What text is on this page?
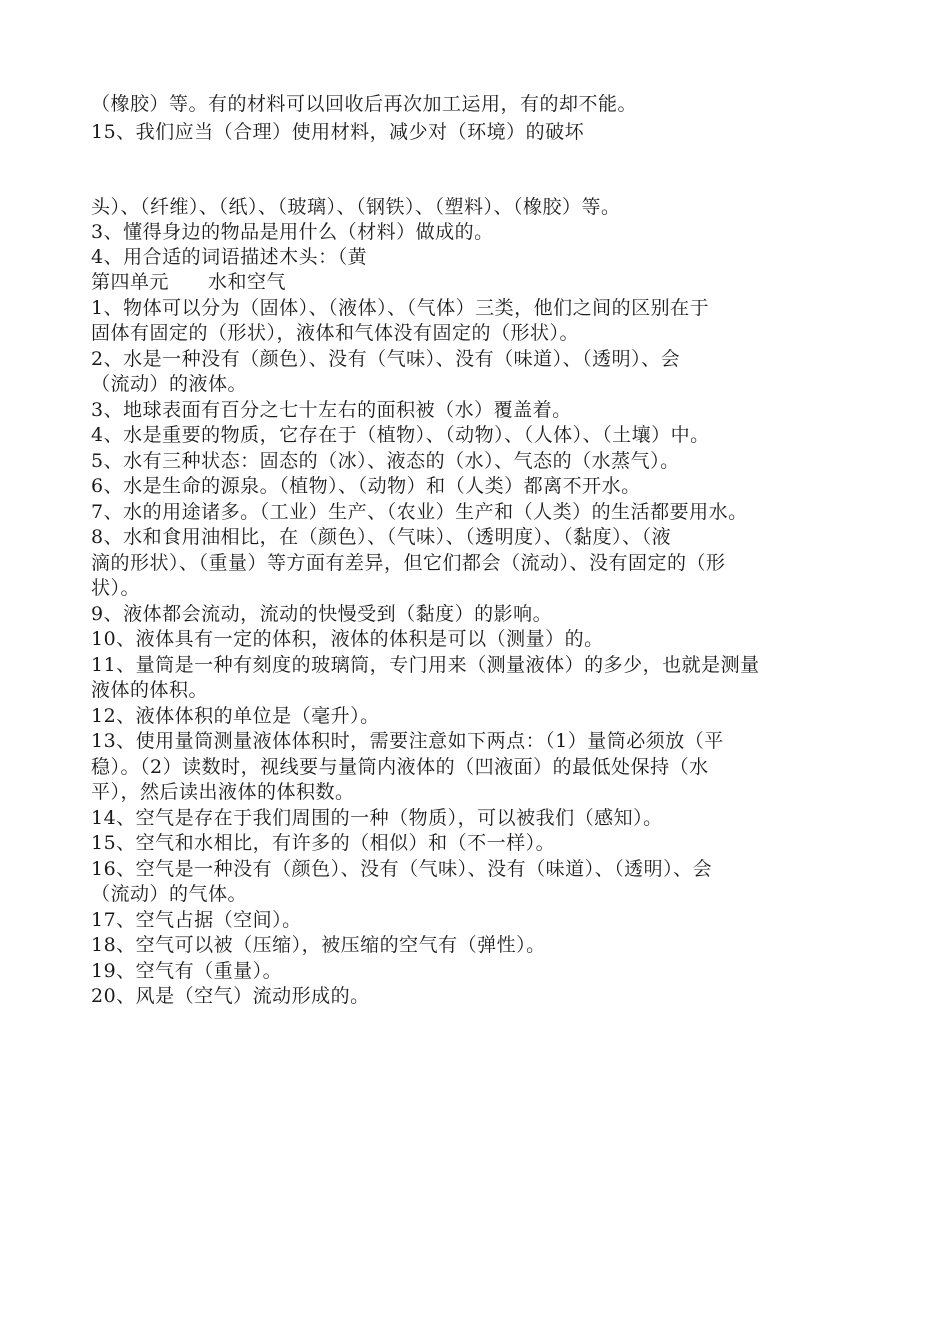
（橡胶）等。有的材料可以回收后再次加工运用，有的却不能。
15、我们应当（合理）使用材料，减少对（环境）的破坏
头）、（纤维）、（纸）、（玻璃）、（钢铁）、（塑料）、（橡胶）等。
3、懂得身边的物品是用什么（材料）做成的。
4、用合适的词语描述木头：（黄
第四单元　　水和空气
1、物体可以分为（固体）、（液体）、（气体）三类，他们之间的区别在于
固体有固定的（形状），液体和气体没有固定的（形状）。
2、水是一种没有（颜色）、没有（气味）、没有（味道）、（透明）、会
（流动）的液体。
3、地球表面有百分之七十左右的面积被（水）覆盖着。
4、水是重要的物质，它存在于（植物）、（动物）、（人体）、（土壤）中。
5、水有三种状态：固态的（冰）、液态的（水）、气态的（水蒸气）。
6、水是生命的源泉。（植物）、（动物）和（人类）都离不开水。
7、水的用途诸多。（工业）生产、（农业）生产和（人类）的生活都要用水。
8、水和食用油相比，在（颜色）、（气味）、（透明度）、（黏度）、（液
滴的形状）、（重量）等方面有差异，但它们都会（流动）、没有固定的（形
状）。
9、液体都会流动，流动的快慢受到（黏度）的影响。
10、液体具有一定的体积，液体的体积是可以（测量）的。
11、量筒是一种有刻度的玻璃筒，专门用来（测量液体）的多少，也就是测量
液体的体积。
12、液体体积的单位是（毫升）。
13、使用量筒测量液体体积时，需要注意如下两点：（1）量筒必须放（平
稳）。（2）读数时，视线要与量筒内液体的（凹液面）的最低处保持（水
平），然后读出液体的体积数。
14、空气是存在于我们周围的一种（物质），可以被我们（感知）。
15、空气和水相比，有许多的（相似）和（不一样）。
16、空气是一种没有（颜色）、没有（气味）、没有（味道）、（透明）、会
（流动）的气体。
17、空气占据（空间）。
18、空气可以被（压缩），被压缩的空气有（弹性）。
19、空气有（重量）。
20、风是（空气）流动形成的。
